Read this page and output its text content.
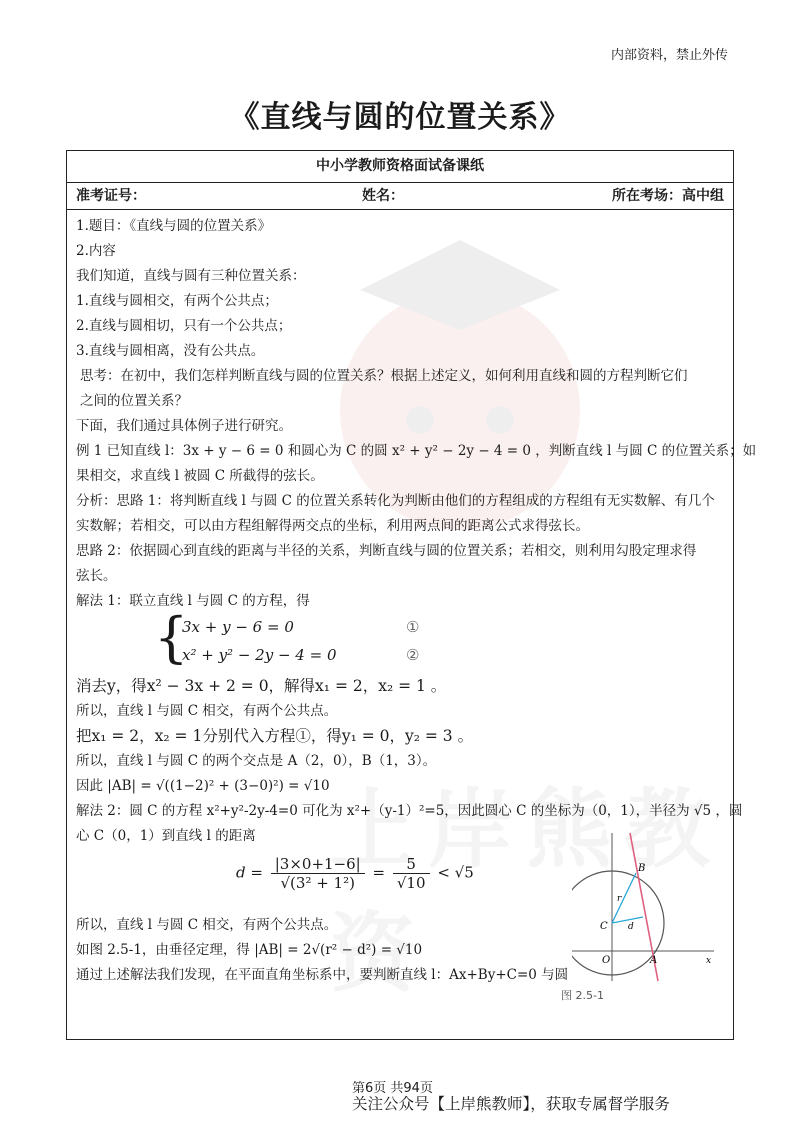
内部资料，禁止外传
《直线与圆的位置关系》
中小学教师资格面试备课纸
准考证号：	姓名：	所在考场：高中组
1.题目：《直线与圆的位置关系》
2.内容
我们知道，直线与圆有三种位置关系：
1.直线与圆相交，有两个公共点；
2.直线与圆相切，只有一个公共点；
3.直线与圆相离，没有公共点。
思考：在初中，我们怎样判断直线与圆的位置关系？根据上述定义，如何利用直线和圆的方程判断它们
之间的位置关系？
下面，我们通过具体例子进行研究。
例 1 已知直线 l：3x + y − 6 = 0 和圆心为 C 的圆 x² + y² − 2y − 4 = 0 ，判断直线 l 与圆 C 的位置关系；如
果相交，求直线 l 被圆 C 所截得的弦长。
分析：思路 1：将判断直线 l 与圆 C 的位置关系转化为判断由他们的方程组成的方程组有无实数解、有几个
实数解；若相交，可以由方程组解得两交点的坐标，利用两点间的距离公式求得弦长。
思路 2：依据圆心到直线的距离与半径的关系，判断直线与圆的位置关系；若相交，则利用勾股定理求得
弦长。
解法 1：联立直线 l 与圆 C 的方程，得
{
3x + y − 6 = 0	①
x² + y² − 2y − 4 = 0	②
消去y，得x² − 3x + 2 = 0，解得x₁ = 2，x₂ = 1 。
所以，直线 l 与圆 C 相交，有两个公共点。
把x₁ = 2，x₂ = 1分别代入方程①，得y₁ = 0，y₂ = 3 。
所以，直线 l 与圆 C 的两个交点是 A（2，0），B（1，3）。
因此 |AB| = √((1−2)² + (3−0)²) = √10
解法 2：圆 C 的方程 x²+y²-2y-4=0 可化为 x²+（y-1）²=5，因此圆心 C 的坐标为（0，1），半径为 √5 ，圆
心 C（0，1）到直线 l 的距离
$d = \frac{|3\times 0+1-6|}{\text{√(3² + 1²)}} = \frac{5}{√10} < √5$
所以，直线 l 与圆 C 相交，有两个公共点。
如图 2.5-1，由垂径定理，得 |AB| = 2√(r² − d²) = √10
通过上述解法我们发现，在平面直角坐标系中，要判断直线 l：Ax+By+C=0 与圆
B
C
O	A
r
d
x
图 2.5-1
第6页 共94页
关注公众号【上岸熊教师】，获取专属督学服务
